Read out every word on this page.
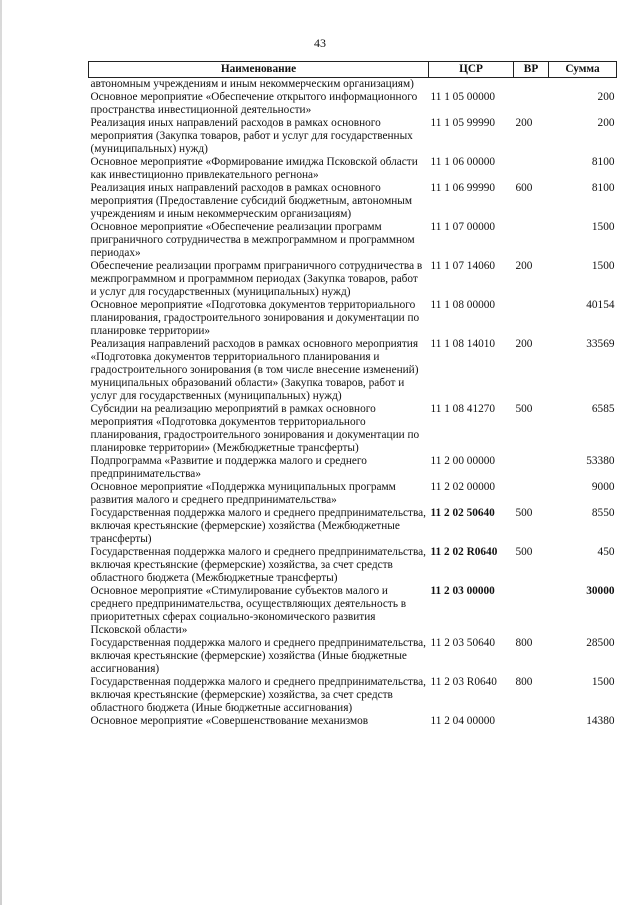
43
Наименование	ЦСР	ВР	Сумма
автономным учреждениям и иным некоммерческим организациям)			
Основное мероприятие «Обеспечение открытого информационного пространства инвестиционной деятельности»	11 1 05 00000		200
Реализация иных направлений расходов в рамках основного мероприятия (Закупка товаров, работ и услуг для государственных (муниципальных) нужд)	11 1 05 99990	200	200
Основное мероприятие «Формирование имиджа Псковской области как инвестиционно привлекательного регнона»	11 1 06 00000		8100
Реализация иных направлений расходов в рамках основного мероприятия (Предоставление субсидий бюджетным, автономным учреждениям и иным некоммерческим организациям)	11 1 06 99990	600	8100
Основное мероприятие «Обеспечение реализации программ приграничного сотрудничества в межпрограммном и программном периодах»	11 1 07 00000		1500
Обеспечение реализации программ приграничного сотрудничества в межпрограммном и программном периодах (Закупка товаров, работ и услуг для государственных (муниципальных) нужд)	11 1 07 14060	200	1500
Основное мероприятие «Подготовка документов территориального планирования, градостроительного зонирования и документации по планировке территории»	11 1 08 00000		40154
Реализация направлений расходов в рамках основного мероприятия «Подготовка документов территориального планирования и градостроительного зонирования (в том числе внесение изменений) муниципальных образований области» (Закупка товаров, работ и услуг для государственных (муниципальных) нужд)	11 1 08 14010	200	33569
Субсидии на реализацию мероприятий в рамках основного мероприятия «Подготовка документов территориального планирования, градостроительного зонирования и документации по планировке территории» (Межбюджетные трансферты)	11 1 08 41270	500	6585
Подпрограмма «Развитие и поддержка малого и среднего предпринимательства»	11 2 00 00000		53380
Основное мероприятие «Поддержка муниципальных программ развития малого и среднего предпринимательства»	11 2 02 00000		9000
Государственная поддержка малого и среднего предпринимательства, включая крестьянские (фермерские) хозяйства (Межбюджетные трансферты)	11 2 02 50640	500	8550
Государственная поддержка малого и среднего предпринимательства, включая крестьянские (фермерские) хозяйства, за счет средств областного бюджета (Межбюджетные трансферты)	11 2 02 R0640	500	450
Основное мероприятие «Стимулирование субъектов малого и среднего предпринимательства, осуществляющих деятельность в приоритетных сферах социально-экономического развития Псковской области»	11 2 03 00000		30000
Государственная поддержка малого и среднего предпринимательства, включая крестьянские (фермерские) хозяйства (Иные бюджетные ассигнования)	11 2 03 50640	800	28500
Государственная поддержка малого и среднего предпринимательства, включая крестьянские (фермерские) хозяйства, за счет средств областного бюджета (Иные бюджетные ассигнования)	11 2 03 R0640	800	1500
Основное мероприятие «Совершенствование механизмов	11 2 04 00000		14380
